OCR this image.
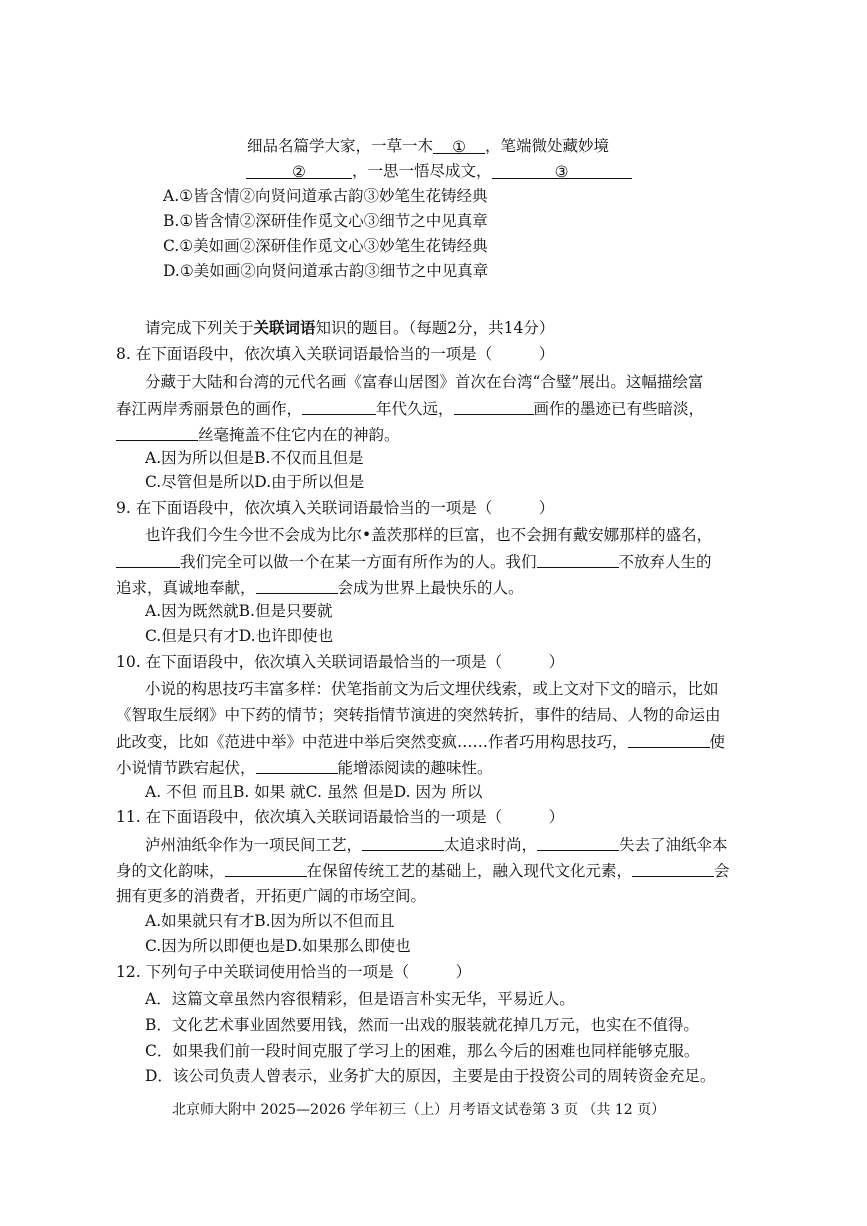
细品名篇学大家，一草一木 ① ，笔端微处藏妙境
②	，一思一悟尽成文，	③
A.①皆含情②向贤问道承古韵③妙笔生花铸经典
B.①皆含情②深研佳作觅文心③细节之中见真章
C.①美如画②深研佳作觅文心③妙笔生花铸经典
D.①美如画②向贤问道承古韵③细节之中见真章
请完成下列关于关联词语知识的题目。（每题2分，共14分）
8. 在下面语段中，依次填入关联词语最恰当的一项是（　　　）
分藏于大陆和台湾的元代名画《富春山居图》首次在台湾“合璧”展出。这幅描绘富
春江两岸秀丽景色的画作，	年代久远，	画作的墨迹已有些暗淡，
丝毫掩盖不住它内在的神韵。
A.因为所以但是B.不仅而且但是
C.尽管但是所以D.由于所以但是
9. 在下面语段中，依次填入关联词语最恰当的一项是（　　　）
也许我们今生今世不会成为比尔•盖茨那样的巨富，也不会拥有戴安娜那样的盛名，
我们完全可以做一个在某一方面有所作为的人。我们	不放弃人生的
追求，真诚地奉献，	会成为世界上最快乐的人。
A.因为既然就B.但是只要就
C.但是只有才D.也许即使也
10. 在下面语段中，依次填入关联词语最恰当的一项是（　　　）
小说的构思技巧丰富多样：伏笔指前文为后文埋伏线索，或上文对下文的暗示，比如
《智取生辰纲》中下药的情节；突转指情节演进的突然转折，事件的结局、人物的命运由
此改变，比如《范进中举》中范进中举后突然变疯……作者巧用构思技巧，	使
小说情节跌宕起伏，	能增添阅读的趣味性。
A. 不但 而且B. 如果 就C. 虽然 但是D. 因为 所以
11. 在下面语段中，依次填入关联词语最恰当的一项是（　　　）
泸州油纸伞作为一项民间工艺，	太追求时尚，	失去了油纸伞本
身的文化韵味，	在保留传统工艺的基础上，融入现代文化元素，	会
拥有更多的消费者，开拓更广阔的市场空间。
A.如果就只有才B.因为所以不但而且
C.因为所以即便也是D.如果那么即使也
12. 下列句子中关联词使用恰当的一项是（　　　）
A．这篇文章虽然内容很精彩，但是语言朴实无华，平易近人。
B．文化艺术事业固然要用钱，然而一出戏的服装就花掉几万元，也实在不值得。
C．如果我们前一段时间克服了学习上的困难，那么今后的困难也同样能够克服。
D．该公司负责人曾表示，业务扩大的原因，主要是由于投资公司的周转资金充足。
北京师大附中 2025—2026 学年初三（上）月考语文试卷第 3 页 （共 12 页）
